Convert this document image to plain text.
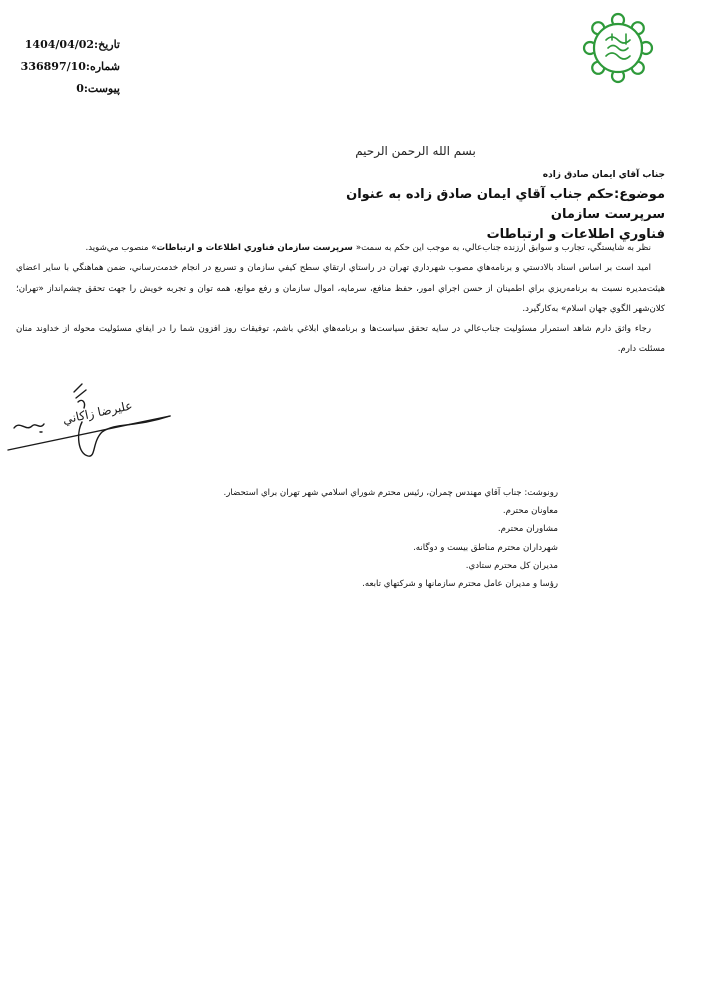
تاريخ:1404/04/02
شماره:336897/10
پيوست:0
بسم الله الرحمن الرحيم
جناب آقاي ايمان صادق زاده
موضوع:حكم جناب آقاي ايمان صادق زاده به عنوان سرپرست سازمان
فناوري اطلاعات و ارتباطات

نظر به شايستگي، تجارب و سوابق ارزنده جناب‌عالي، به موجب اين حكم به سمت« سرپرست سازمان فناوري اطلاعات و ارتباطات» منصوب مي‌شويد.

اميد است بر اساس اسناد بالادستي و برنامه‌هاي مصوب شهرداري تهران در راستاي ارتقاي سطح كيفي سازمان و تسريع در انجام خدمت‌رساني، ضمن هماهنگي با ساير اعضاي هيئت‌مديره نسبت به برنامه‌ريزي براي اطمينان از حسن اجراي امور، حفظ منافع، سرمايه، اموال سازمان و رفع موانع، همه توان و تجربه خويش را جهت تحقق چشم‌انداز «تهران؛ كلان‌شهر الگوي جهان اسلام» به‌كارگيرد.

رجاء واثق دارم شاهد استمرار مسئوليت جناب‌عالي در سايه تحقق سياست‌ها و برنامه‌هاي ابلاغي باشم، توفيقات روز افزون شما را در ايفاي مسئوليت محوله از خداوند منان مسئلت دارم.

عليرضا زاكاني
رونوشت: جناب آقاي مهندس چمران، رئيس محترم شوراي اسلامي شهر تهران براي استحضار.
معاونان محترم.
مشاوران محترم.
شهرداران محترم مناطق بيست و دوگانه.
مديران كل محترم ستادي.
رؤسا و مديران عامل محترم سازمانها و شركتهاي تابعه.
